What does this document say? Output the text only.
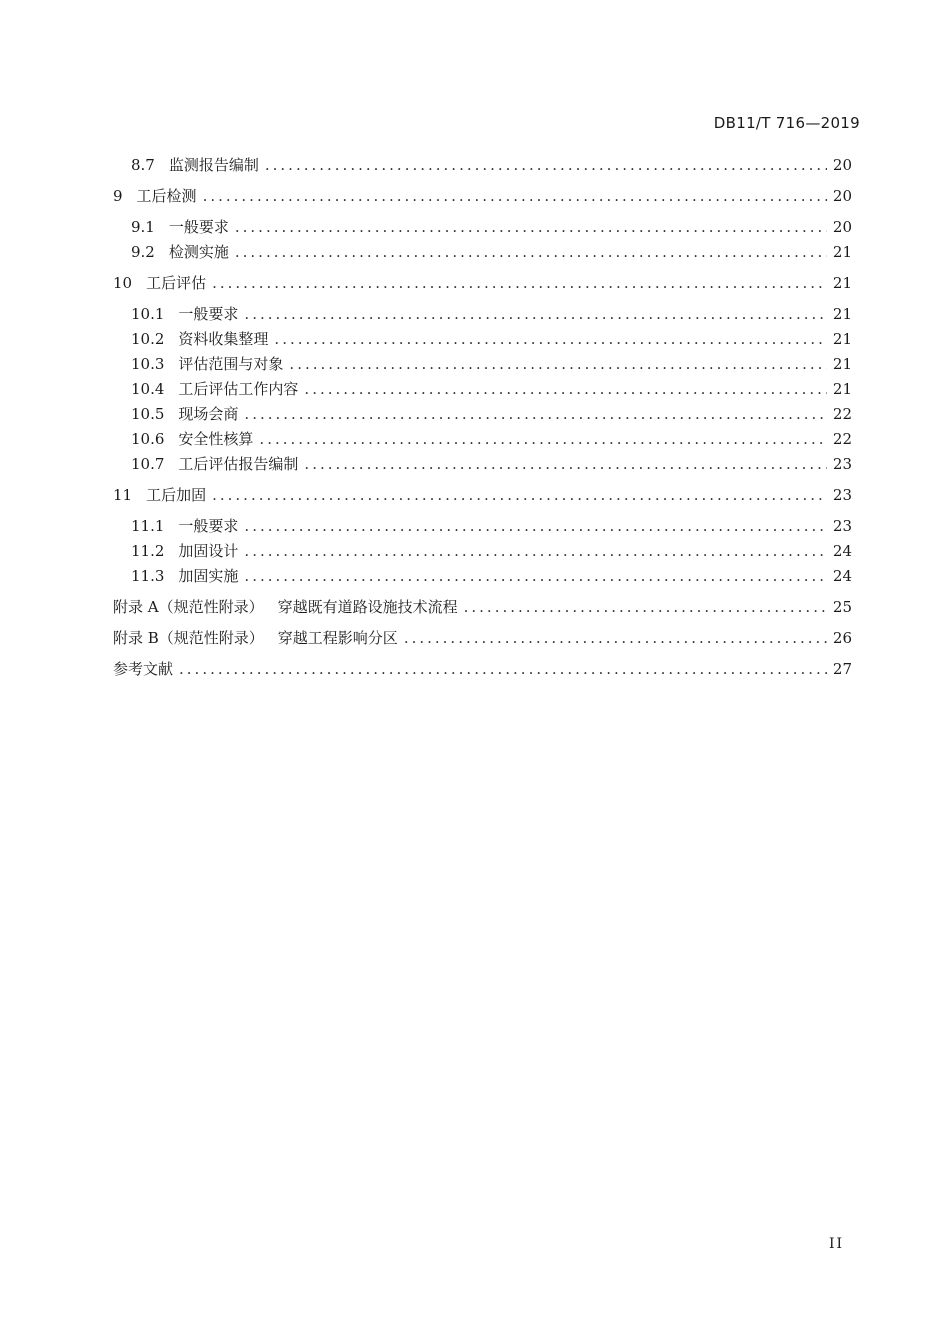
DB11/T 716—2019
8.7 监测报告编制 .....	20
9 工后检测 .....	20
9.1 一般要求 .....	20
9.2 检测实施 .....	21
10 工后评估 .....	21
10.1 一般要求 .....	21
10.2 资料收集整理 .....	21
10.3 评估范围与对象 .....	21
10.4 工后评估工作内容 .....	21
10.5 现场会商 .....	22
10.6 安全性核算 .....	22
10.7 工后评估报告编制 .....	23
11 工后加固 .....	23
11.1 一般要求 .....	23
11.2 加固设计 .....	24
11.3 加固实施 .....	24
附录 A（规范性附录） 穿越既有道路设施技术流程 .....	25
附录 B（规范性附录） 穿越工程影响分区 .....	26
参考文献 .....	27
II
